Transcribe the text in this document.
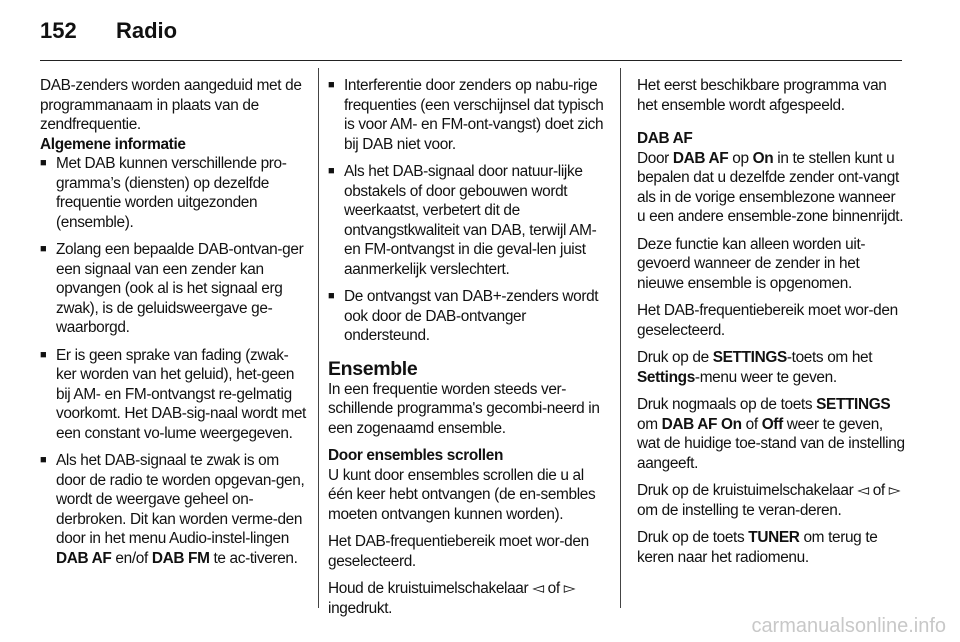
152 Radio

DAB-zenders worden aangeduid met de programmanaam in plaats van de zendfrequentie.

Algemene informatie
■ Met DAB kunnen verschillende pro-gramma’s (diensten) op dezelfde frequentie worden uitgezonden (ensemble).
■ Zolang een bepaalde DAB-ontvan-ger een signaal van een zender kan opvangen (ook al is het signaal erg zwak), is de geluidsweergave ge-waarborgd.
■ Er is geen sprake van fading (zwak-ker worden van het geluid), het-geen bij AM- en FM-ontvangst re-gelmatig voorkomt. Het DAB-sig-naal wordt met een constant vo-lume weergegeven.
■ Als het DAB-signaal te zwak is om door de radio te worden opgevan-gen, wordt de weergave geheel on-derbroken. Dit kan worden verme-den door in het menu Audio-instel-lingen DAB AF en/of DAB FM te ac-tiveren.
■ Interferentie door zenders op nabu-rige frequenties (een verschijnsel dat typisch is voor AM- en FM-ont-vangst) doet zich bij DAB niet voor.
■ Als het DAB-signaal door natuur-lijke obstakels of door gebouwen wordt weerkaatst, verbetert dit de ontvangstkwaliteit van DAB, terwijl AM- en FM-ontvangst in die geval-len juist aanmerkelijk verslechtert.
■ De ontvangst van DAB+-zenders wordt ook door de DAB-ontvanger ondersteund.
Ensemble

In een frequentie worden steeds ver-schillende programma's gecombi-neerd in een zogenaamd ensemble.

Door ensembles scrollen

U kunt door ensembles scrollen die u al één keer hebt ontvangen (de en-sembles moeten ontvangen kunnen worden).

Het DAB-frequentiebereik moet wor-den geselecteerd.

Houd de kruistuimelschakelaar ◅ of ▻ ingedrukt.

Het eerst beschikbare programma van het ensemble wordt afgespeeld.

DAB AF

Door DAB AF op On in te stellen kunt u bepalen dat u dezelfde zender ont-vangt als in de vorige ensemblezone wanneer u een andere ensemble-zone binnenrijdt.

Deze functie kan alleen worden uit-gevoerd wanneer de zender in het nieuwe ensemble is opgenomen.

Het DAB-frequentiebereik moet wor-den geselecteerd.

Druk op de SETTINGS-toets om het Settings-menu weer te geven.

Druk nogmaals op de toets SETTINGS om DAB AF On of Off weer te geven, wat de huidige toe-stand van de instelling aangeeft.

Druk op de kruistuimelschakelaar ◅ of ▻ om de instelling te veran-deren.

Druk op de toets TUNER om terug te keren naar het radiomenu.

carmanualsonline.info
